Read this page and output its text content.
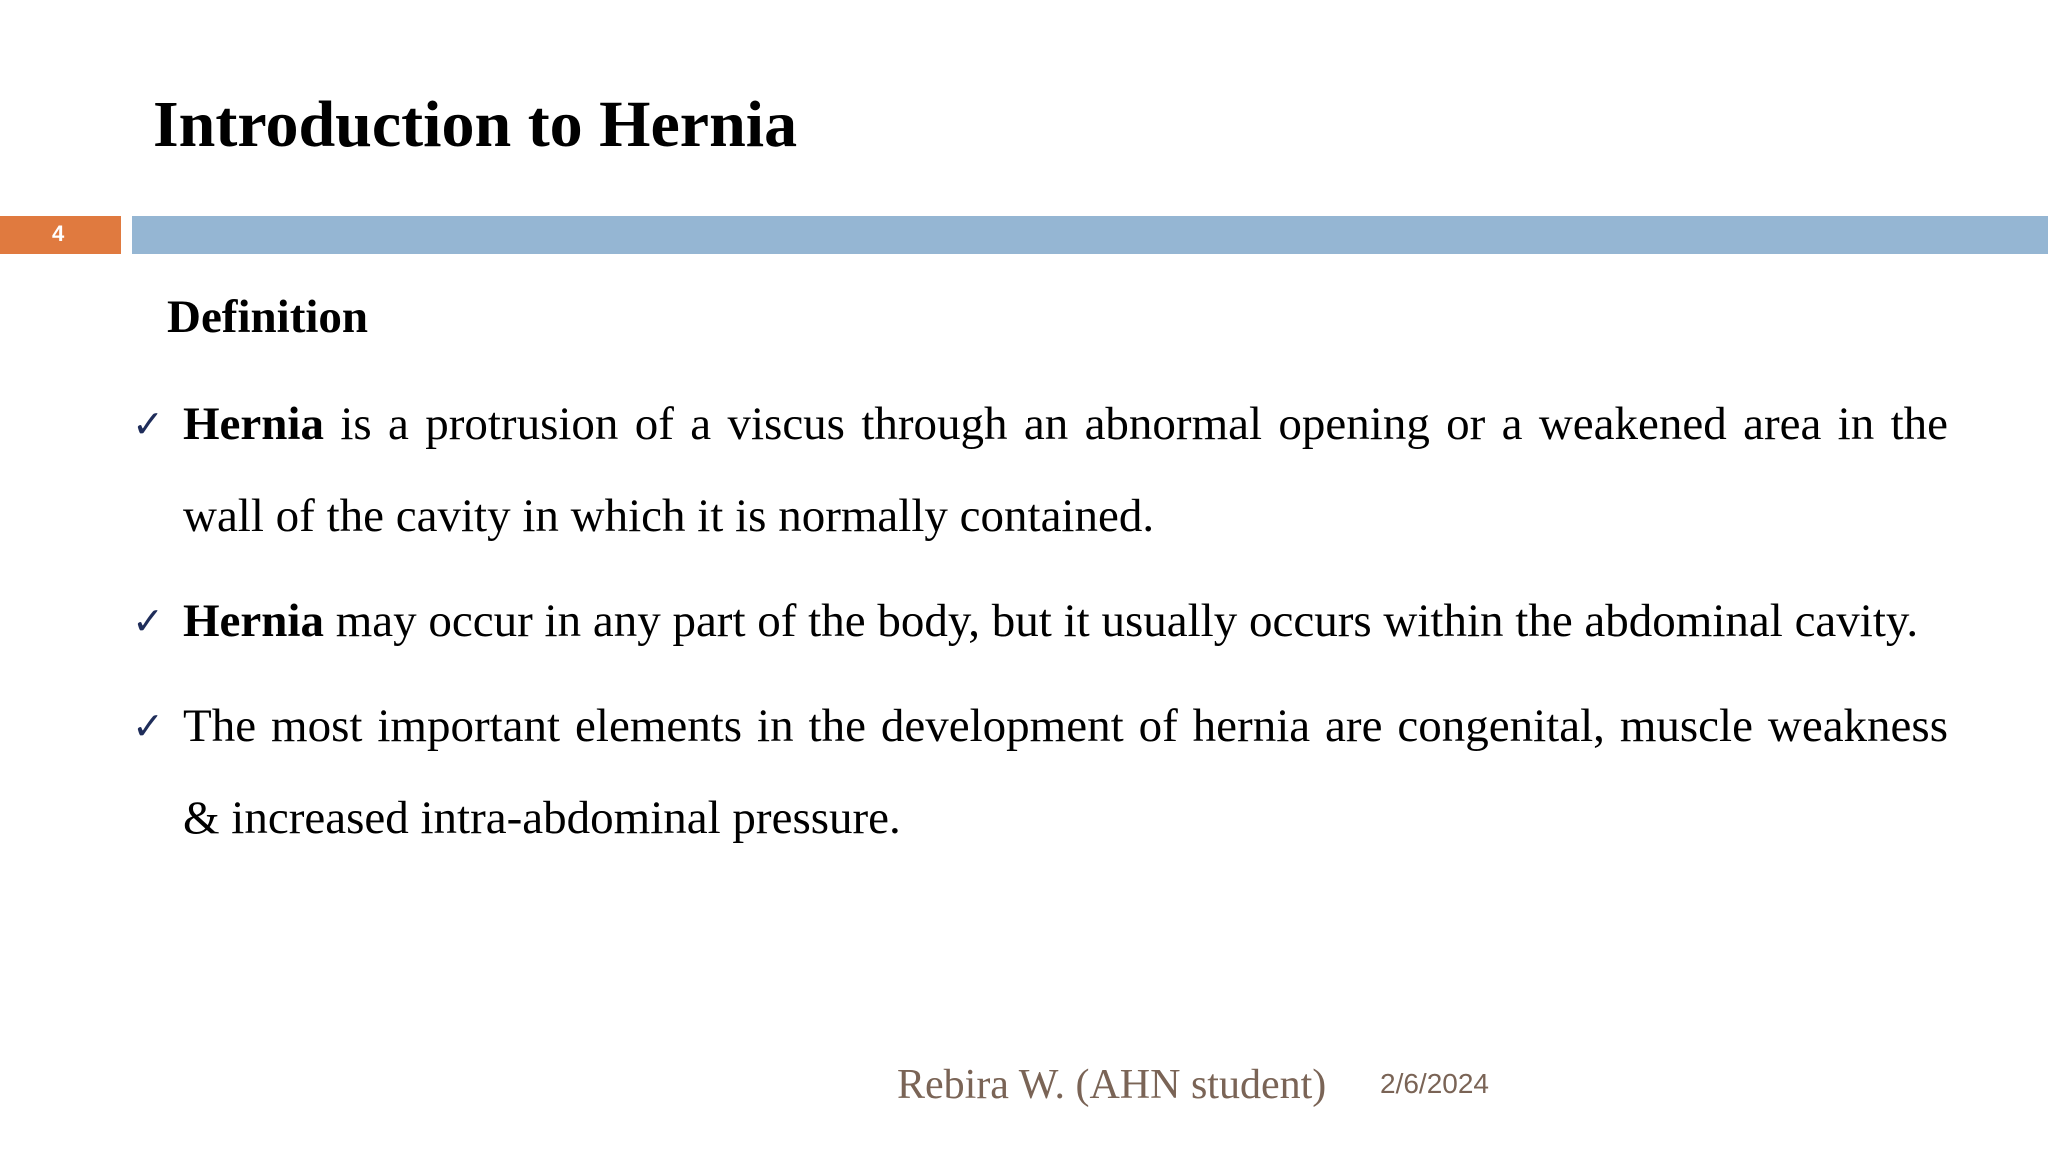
Introduction to Hernia
4
Definition
✓ Hernia is a protrusion of a viscus through an abnormal opening or a weakened area in the wall of the cavity in which it is normally contained.
✓ Hernia may occur in any part of the body, but it usually occurs within the abdominal cavity.
✓ The most important elements in the development of hernia are congenital, muscle weakness & increased intra-abdominal pressure.
Rebira W. (AHN student) 2/6/2024
